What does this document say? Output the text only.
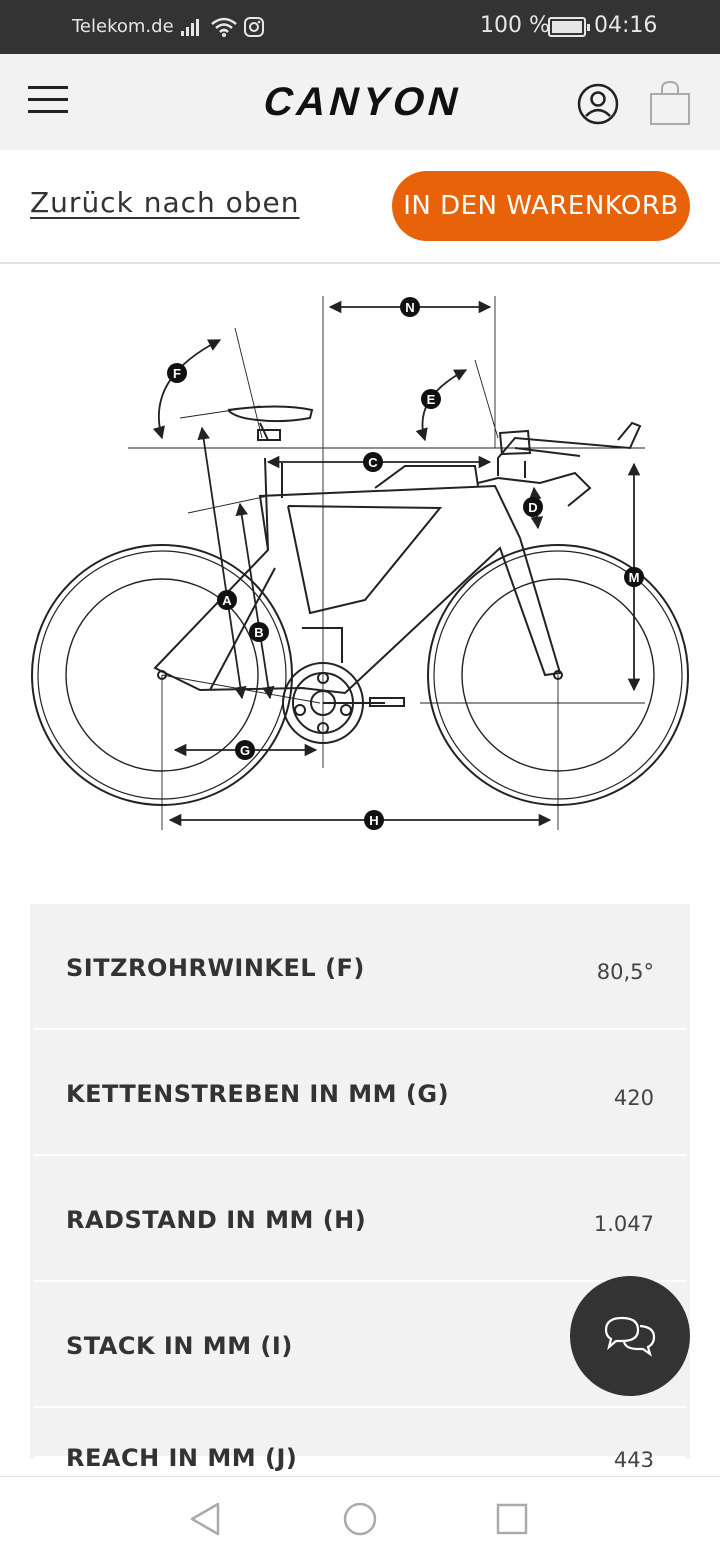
Telekom.de	100 % 04:16
CANYON
Zurück nach oben	IN DEN WARENKORB
N
F
E
C
D
M
A
B
G
H
SITZROHRWINKEL (F)	80,5°
KETTENSTREBEN IN MM (G)	420
RADSTAND IN MM (H)	1.047
STACK IN MM (I)
REACH IN MM (J)	443
